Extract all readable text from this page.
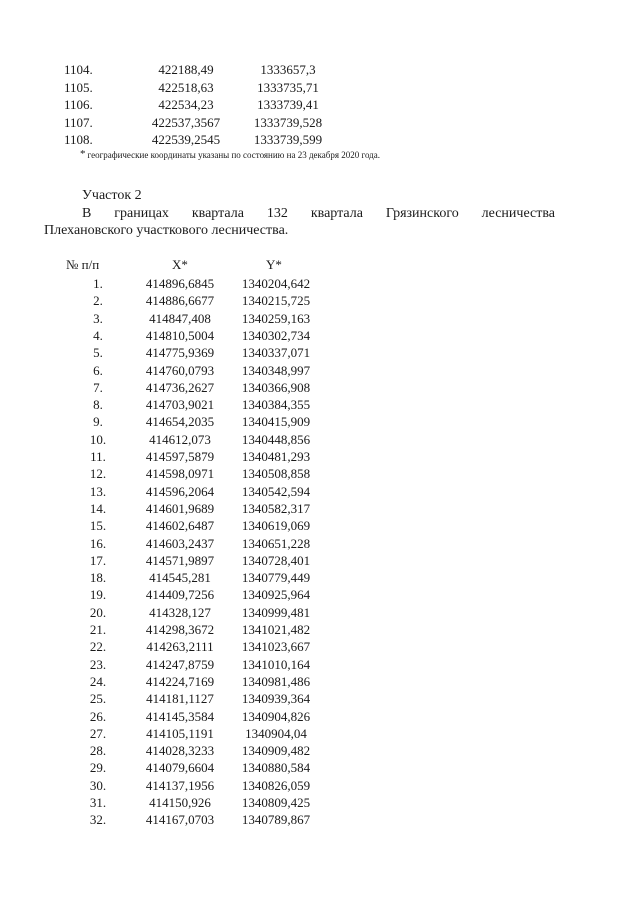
1104.	422188,49	1333657,3
1105.	422518,63	1333735,71
1106.	422534,23	1333739,41
1107.	422537,3567	1333739,528
1108.	422539,2545	1333739,599
* географические координаты указаны по состоянию на 23 декабря 2020 года.
Участок 2
В границах квартала 132 квартала Грязинского лесничества
Плехановского участкового лесничества.
№ п/п	X*	Y*
1.	414896,6845	1340204,642
2.	414886,6677	1340215,725
3.	414847,408	1340259,163
4.	414810,5004	1340302,734
5.	414775,9369	1340337,071
6.	414760,0793	1340348,997
7.	414736,2627	1340366,908
8.	414703,9021	1340384,355
9.	414654,2035	1340415,909
10.	414612,073	1340448,856
11.	414597,5879	1340481,293
12.	414598,0971	1340508,858
13.	414596,2064	1340542,594
14.	414601,9689	1340582,317
15.	414602,6487	1340619,069
16.	414603,2437	1340651,228
17.	414571,9897	1340728,401
18.	414545,281	1340779,449
19.	414409,7256	1340925,964
20.	414328,127	1340999,481
21.	414298,3672	1341021,482
22.	414263,2111	1341023,667
23.	414247,8759	1341010,164
24.	414224,7169	1340981,486
25.	414181,1127	1340939,364
26.	414145,3584	1340904,826
27.	414105,1191	1340904,04
28.	414028,3233	1340909,482
29.	414079,6604	1340880,584
30.	414137,1956	1340826,059
31.	414150,926	1340809,425
32.	414167,0703	1340789,867
